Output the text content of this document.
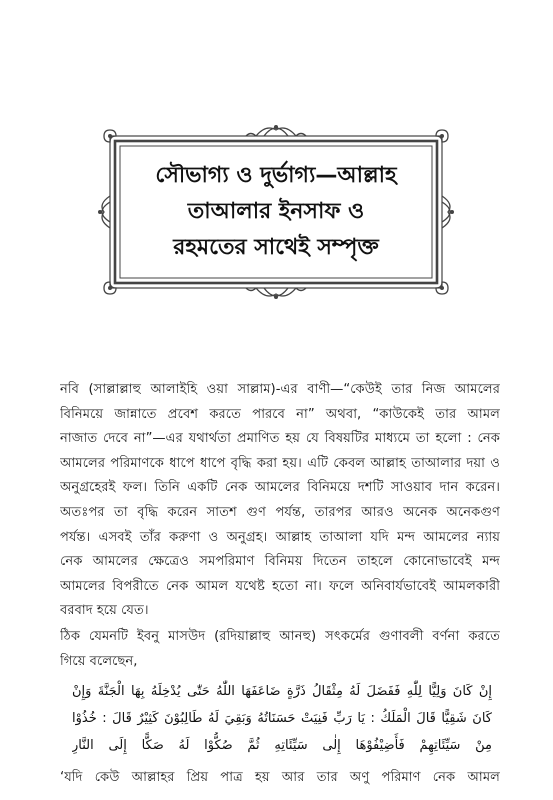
সৌভাগ্য ও দুর্ভাগ্য—আল্লাহ
তাআলার ইনসাফ ও
রহমতের সাথেই সম্পৃক্ত
নবি (সাল্লাল্লাহু আলাইহি ওয়া সাল্লাম)-এর বাণী—“কেউই তার নিজ আমলের
বিনিময়ে জান্নাতে প্রবেশ করতে পারবে না” অথবা, “কাউকেই তার আমল
নাজাত দেবে না”—এর যথার্থতা প্রমাণিত হয় যে বিষয়টির মাধ্যমে তা হলো : নেক
আমলের পরিমাণকে ধাপে ধাপে বৃদ্ধি করা হয়। এটি কেবল আল্লাহ তাআলার দয়া ও
অনুগ্রহেরই ফল। তিনি একটি নেক আমলের বিনিময়ে দশটি সাওয়াব দান করেন।
অতঃপর তা বৃদ্ধি করেন সাতশ গুণ পর্যন্ত, তারপর আরও অনেক অনেকগুণ
পর্যন্ত। এসবই তাঁর করুণা ও অনুগ্রহ। আল্লাহ তাআলা যদি মন্দ আমলের ন্যায়
নেক আমলের ক্ষেত্রেও সমপরিমাণ বিনিময় দিতেন তাহলে কোনোভাবেই মন্দ
আমলের বিপরীতে নেক আমল যথেষ্ট হতো না। ফলে অনিবার্যভাবেই আমলকারী
বরবাদ হয়ে যেত।
ঠিক যেমনটি ইবনু মাসউদ (রদিয়াল্লাহু আনহু) সৎকর্মের গুণাবলী বর্ণনা করতে
গিয়ে বলেছেন,
إِنْ كَانَ وَلِيًّا لِلّٰهِ فَفَضَلَ لَهُ مِثْقَالُ ذَرَّةٍ ضَاعَفَهَا اللّٰهُ حَتّٰى يُدْخِلَهُ بِهَا الْجَنَّةَ وَإِنْ
كَانَ شَقِيًّا قَالَ الْمَلَكُ : يَا رَبِّ فَنِيَتْ حَسَنَاتُهُ وَبَقِيَ لَهُ طَالِبُوْنَ كَثِيْرٌ قَالَ : خُذُوْا
مِنْ سَيِّئَاتِهِمْ فَأَضِيْفُوْهَا إِلٰى سَيِّئَاتِهِ ثُمَّ صُكُّوْا لَهُ صَكًّا إِلَى النَّارِ
‘যদি কেউ আল্লাহর প্রিয় পাত্র হয় আর তার অণু পরিমাণ নেক আমল
